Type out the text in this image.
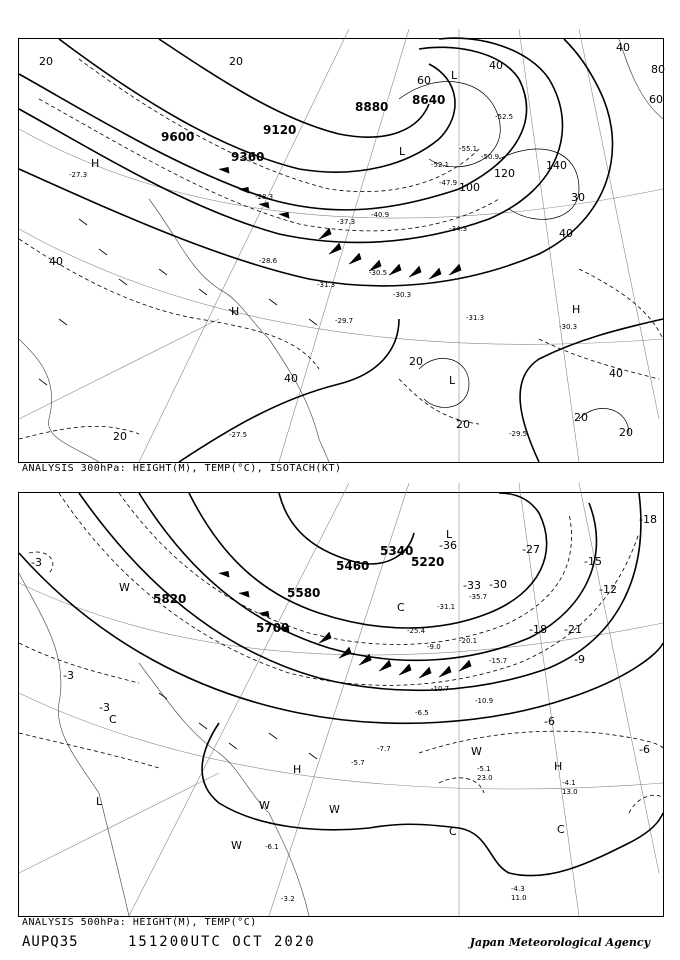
9600
9360
9120
8880 8640
20
40
60
40
20
20
40
20
60
80
120
140
100
30
40
40
40
20
20
20
H
H	H
L
L
L
-37.3
-30.5
-31.3
-29.7	-31.3
-30.3
-29.5
-27.5
-28.6
-52.5
-55.1
-52.1
-50.9
-47.9
-40.9
-34.3
-28.3
-30.3
-27.3
ANALYSIS 300hPa: HEIGHT(M), TEMP(°C), ISOTACH(KT)
5820
5700
5580
5460
5340
5220
-3
-3
-3
-6
-6
-9
-12
-15
-18
-21
-18
-27
-30
-33
-36
W
W	W
W
W
C
C	C
C
H
H
L
L
-5.1
23.0
-4.1
13.0
-4.3
11.0
-7.7
-6.5
-10.7
-15.7
-20.1
-25.4
-31.1
-35.7
-9.0
-5.7
-3.2
-6.1
-10.9
ANALYSIS 500hPa: HEIGHT(M), TEMP(°C)
AUPQ35	151200UTC OCT 2020	Japan Meteorological Agency
